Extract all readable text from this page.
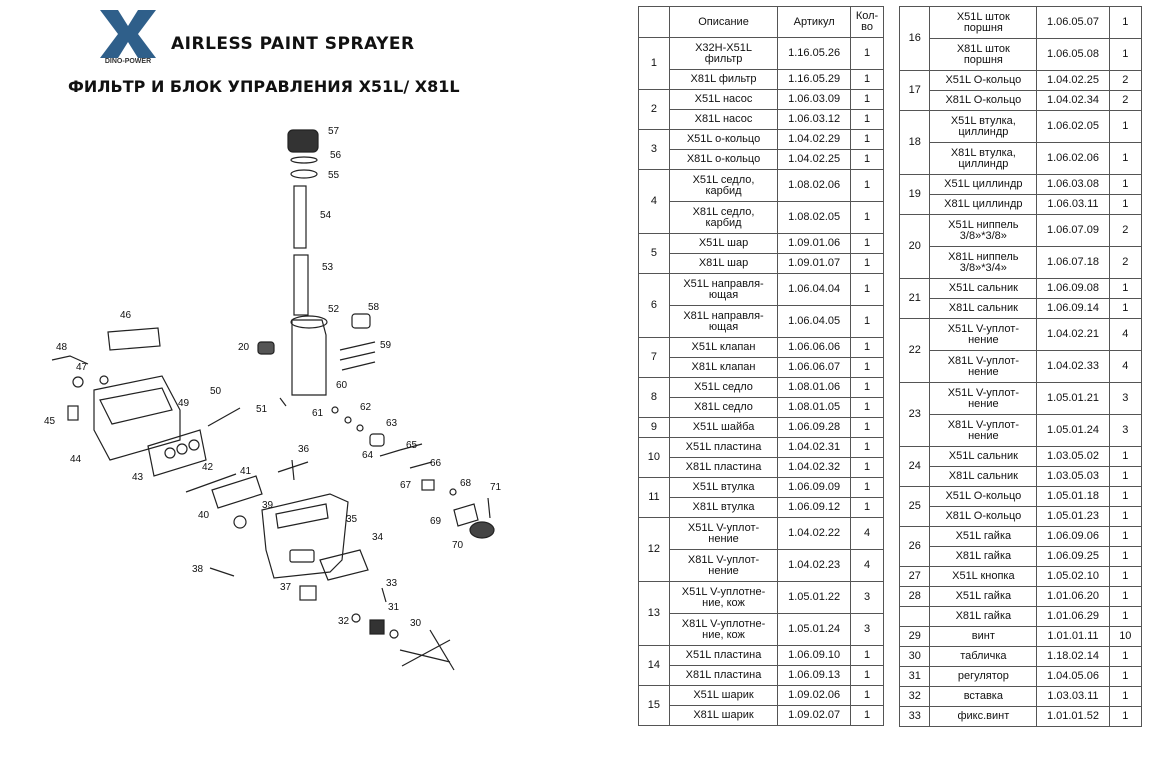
DINO-POWER
AIRLESS PAINT SPRAYER
ФИЛЬТР И БЛОК УПРАВЛЕНИЯ X51L/ X81L
57
56
55
54
53
52	58
59
60
61
62
63
64
65
66
67	68
69
70
71
46
48
47
20
50
51
49
45
44
43
42	41
40
39
36
35
34
38
37	33
31
32	30
	Описание	Артикул	Кол-
во
1	X32H-X51L
фильтр	1.16.05.26	1
	X81L фильтр	1.16.05.29	1
2	X51L насос	1.06.03.09	1
	X81L насос	1.06.03.12	1
3	X51L о-кольцо	1.04.02.29	1
	X81L о-кольцо	1.04.02.25	1
4	X51L седло,
карбид	1.08.02.06	1
	X81L седло,
карбид	1.08.02.05	1
5	X51L шар	1.09.01.06	1
	X81L шар	1.09.01.07	1
6	X51L направля-
ющая	1.06.04.04	1
	X81L направля-
ющая	1.06.04.05	1
7	X51L клапан	1.06.06.06	1
	X81L клапан	1.06.06.07	1
8	X51L седло	1.08.01.06	1
	X81L седло	1.08.01.05	1
9	X51L шайба	1.06.09.28	1
10	X51L пластина	1.04.02.31	1
	X81L пластина	1.04.02.32	1
11	X51L втулка	1.06.09.09	1
	X81L втулка	1.06.09.12	1
12	X51L V-уплот-
нение	1.04.02.22	4
	X81L V-уплот-
нение	1.04.02.23	4
13	X51L V-уплотне-
ние, кож	1.05.01.22	3
	X81L V-уплотне-
ние, кож	1.05.01.24	3
14	X51L пластина	1.06.09.10	1
	X81L пластина	1.06.09.13	1
15	X51L шарик	1.09.02.06	1
	X81L шарик	1.09.02.07	1
16	X51L шток
поршня	1.06.05.07	1
	X81L шток
поршня	1.06.05.08	1
17	X51L О-кольцо	1.04.02.25	2
	X81L О-кольцо	1.04.02.34	2
18	X51L втулка,
циллиндр	1.06.02.05	1
	X81L втулка,
циллиндр	1.06.02.06	1
19	X51L циллиндр	1.06.03.08	1
	X81L циллиндр	1.06.03.11	1
20	X51L ниппель
3/8»*3/8»	1.06.07.09	2
	X81L ниппель
3/8»*3/4»	1.06.07.18	2
21	X51L сальник	1.06.09.08	1
	X81L сальник	1.06.09.14	1
22	X51L V-уплот-
нение	1.04.02.21	4
	X81L V-уплот-
нение	1.04.02.33	4
23	X51L V-уплот-
нение	1.05.01.21	3
	X81L V-уплот-
нение	1.05.01.24	3
24	X51L сальник	1.03.05.02	1
	X81L сальник	1.03.05.03	1
25	X51L О-кольцо	1.05.01.18	1
	X81L О-кольцо	1.05.01.23	1
26	X51L гайка	1.06.09.06	1
	X81L гайка	1.06.09.25	1
27	X51L кнопка	1.05.02.10	1
28	X51L гайка	1.01.06.20	1
	X81L гайка	1.01.06.29	1
29	винт	1.01.01.11	10
30	табличка	1.18.02.14	1
31	регулятор	1.04.05.06	1
32	вставка	1.03.03.11	1
33	фикс.винт	1.01.01.52	1
